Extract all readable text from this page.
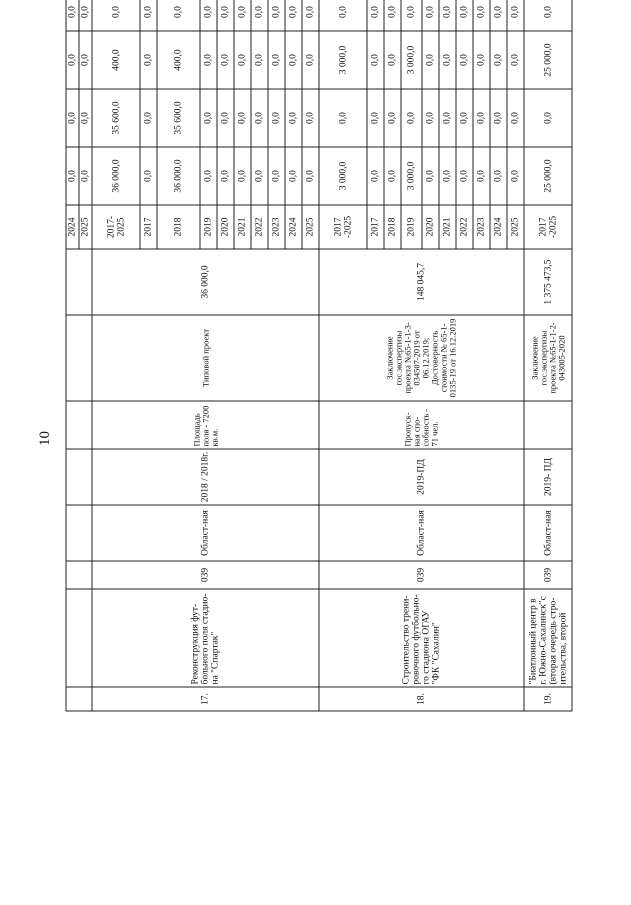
10
								2024	0,0	0,0	0,0	0,0		
								2025	0,0	0,0	0,0	0,0		
17.	Реконструкция фут-больного поля стадио-на "Спартак"	039	Област-ная	2018 / 2018г.	Площадь поля - 7200 кв.м.	Типовой проект	36 000,0	2017-2025	36 000,0	35 600,0	400,0	0,0		
								2017	0,0	0,0	0,0	0,0		
								2018	36 000,0	35 600,0	400,0	0,0		
								2019	0,0	0,0	0,0	0,0		
								2020	0,0	0,0	0,0	0,0		
								2021	0,0	0,0	0,0	0,0		
								2022	0,0	0,0	0,0	0,0		
								2023	0,0	0,0	0,0	0,0		
								2024	0,0	0,0	0,0	0,0		
								2025	0,0	0,0	0,0	0,0		
18.	Строительство трени-ровочного футбольно-го стадиона ОГАУ "ФК "Сахалин"	039	Област-ная	2019-ПД	Пропуск-ная спо-собность - 71 чел.	Заключение гос.экспертизы проекта №65-1-1-3-034507-2019 от 06.12.2019; Достоверность стоимости № 65-1-0135-19 от 16.12.2019	148 045,7	2017 -2025	3 000,0	0,0	3 000,0	0,0		
								2017	0,0	0,0	0,0	0,0		
								2018	0,0	0,0	0,0	0,0		
								2019	3 000,0	0,0	3 000,0	0,0		
								2020	0,0	0,0	0,0	0,0		
								2021	0,0	0,0	0,0	0,0		
								2022	0,0	0,0	0,0	0,0		
								2023	0,0	0,0	0,0	0,0		
								2024	0,0	0,0	0,0	0,0		
								2025	0,0	0,0	0,0	0,0		
19.	"Биатлонный центр в г. Южно-Сахалинск"с (вторая очередь стро-ительства, второй	039	Област-ная	2019- ПД		Заключение гос.экспертизы проекта №65-1-1-2-043005-2020	1 375 473,5	2017 -2025	25 000,0	0,0	25 000,0	0,0		
